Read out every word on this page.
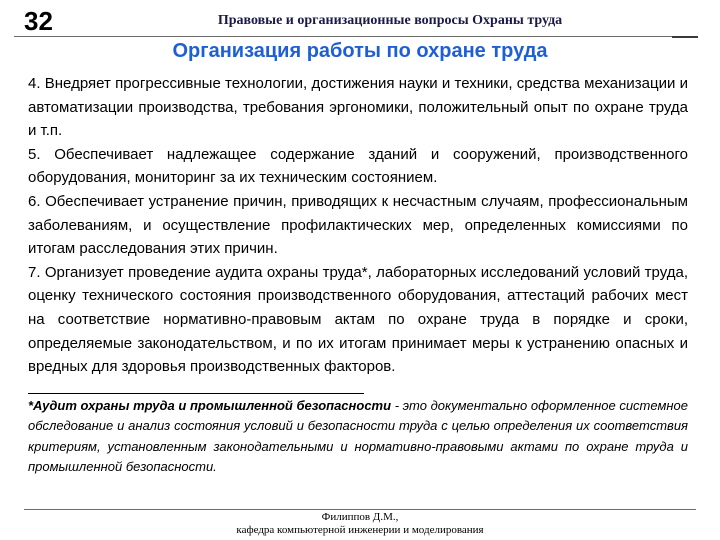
32	Правовые и организационные вопросы Охраны труда
Организация работы по охране труда

4. Внедряет прогрессивные технологии, достижения науки и техники, средства механизации и автоматизации производства, требования эргономики, положительный опыт по охране труда и т.п.

5. Обеспечивает надлежащее содержание зданий и сооружений, производственного оборудования, мониторинг за их техническим состоянием.

6. Обеспечивает устранение причин, приводящих к несчастным случаям, профессиональным заболеваниям, и осуществление профилактических мер, определенных комиссиями по итогам расследования этих причин.

7. Организует проведение аудита охраны труда*, лабораторных исследований условий труда, оценку технического состояния производственного оборудования, аттестаций рабочих мест на соответствие нормативно-правовым актам по охране труда в порядке и сроки, определяемые законодательством, и по их итогам принимает меры к устранению опасных и вредных для здоровья производственных факторов.

*Аудит охраны труда и промышленной безопасности - это документально оформленное системное обследование и анализ состояния условий и безопасности труда с целью определения их соответствия критериям, установленным законодательными и нормативно-правовыми актами по охране труда и промышленной безопасности.
Филиппов Д.М.,
кафедра компьютерной инженерии и моделирования
